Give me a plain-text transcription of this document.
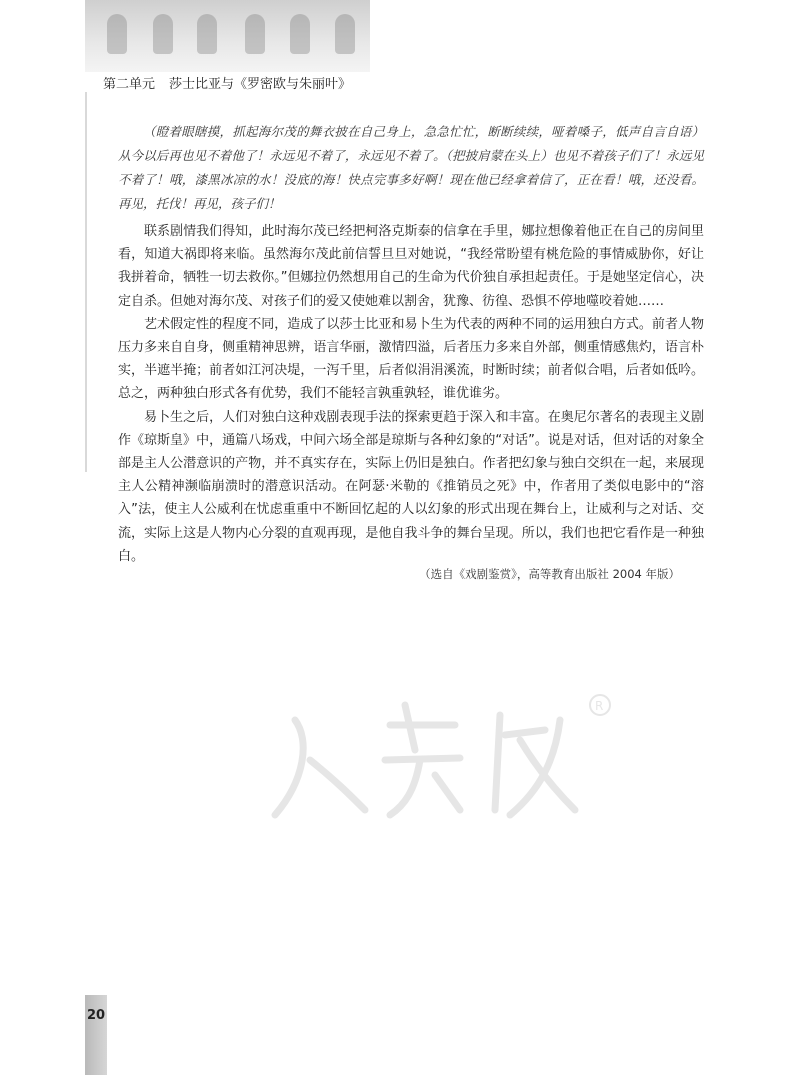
第二单元 莎士比亚与《罗密欧与朱丽叶》

（瞪着眼瞎摸，抓起海尔茂的舞衣披在自己身上，急急忙忙，断断续续，哑着嗓子，低声自言自语）从今以后再也见不着他了！永远见不着了，永远见不着了。（把披肩蒙在头上）也见不着孩子们了！永远见不着了！哦，漆黑冰凉的水！没底的海！快点完事多好啊！现在他已经拿着信了，正在看！哦，还没看。再见，托伐！再见，孩子们！

联系剧情我们得知，此时海尔茂已经把柯洛克斯泰的信拿在手里，娜拉想像着他正在自己的房间里看，知道大祸即将来临。虽然海尔茂此前信誓旦旦对她说，“我经常盼望有桃危险的事情威胁你，好让我拼着命，牺牲一切去救你。”但娜拉仍然想用自己的生命为代价独自承担起责任。于是她坚定信心，决定自杀。但她对海尔茂、对孩子们的爱又使她难以割舍，犹豫、彷徨、恐惧不停地噬咬着她……

艺术假定性的程度不同，造成了以莎士比亚和易卜生为代表的两种不同的运用独白方式。前者人物压力多来自自身，侧重精神思辨，语言华丽，激情四溢，后者压力多来自外部，侧重情感焦灼，语言朴实，半遮半掩；前者如江河决堤，一泻千里，后者似涓涓溪流，时断时续；前者似合唱，后者如低吟。总之，两种独白形式各有优势，我们不能轻言孰重孰轻，谁优谁劣。

易卜生之后，人们对独白这种戏剧表现手法的探索更趋于深入和丰富。在奥尼尔著名的表现主义剧作《琼斯皇》中，通篇八场戏，中间六场全部是琼斯与各种幻象的“对话”。说是对话，但对话的对象全部是主人公潜意识的产物，并不真实存在，实际上仍旧是独白。作者把幻象与独白交织在一起，来展现主人公精神濒临崩溃时的潜意识活动。在阿瑟·米勒的《推销员之死》中，作者用了类似电影中的“溶入”法，使主人公威利在忧虑重重中不断回忆起的人以幻象的形式出现在舞台上，让威利与之对话、交流，实际上这是人物内心分裂的直观再现，是他自我斗争的舞台呈现。所以，我们也把它看作是一种独白。

（选自《戏剧鉴赏》，高等教育出版社 2004 年版）
R
20
